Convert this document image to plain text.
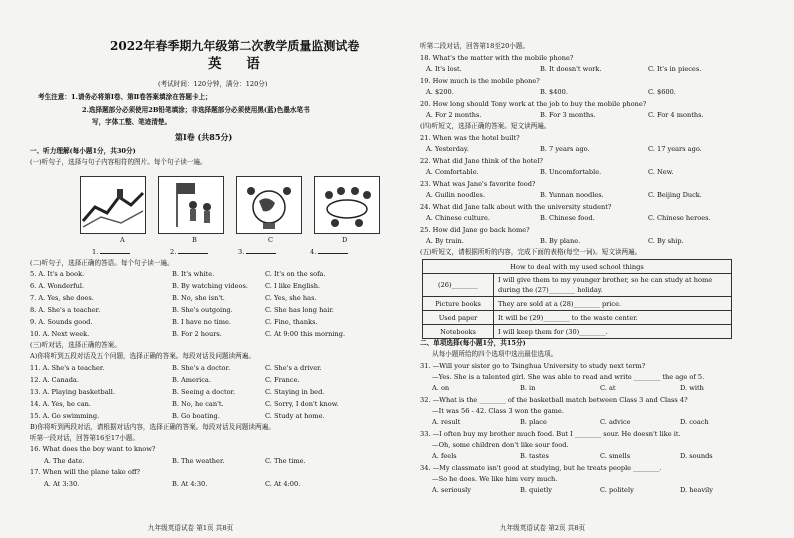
2022年春季期九年级第二次教学质量监测试卷
英 语
(考试时间：120分钟，满分：120分)
考生注意：1.请务必将第Ⅰ卷、第Ⅱ卷答案填涂在答题卡上；
2.选择题部分必须使用2B铅笔填涂；非选择题部分必须使用黑(蓝)色墨水笔书
写，字体工整、笔迹清楚。
第Ⅰ卷 (共85分)
一、听力理解(每小题1分，共30分)
(一)听句子，选择与句子内容相符的图片。每个句子读一遍。
A	B	C	D
1.	2.	3.	4.
(二)听句子，选择正确的答语。每个句子读一遍。
5. A. It's a book.	B. It's white.	C. It's on the sofa.
6. A. Wonderful.	B. By watching videos.	C. I like English.
7. A. Yes, she does.	B. No, she isn't.	C. Yes, she has.
8. A. She's a teacher.	B. She's outgoing.	C. She has long hair.
9. A. Sounds good.	B. I have no time.	C. Fine, thanks.
10. A. Next week.	B. For 2 hours.	C. At 9:00 this morning.
(三)听对话，选择正确的答案。
A)你将听到五段对话及五个问题，选择正确的答案。每段对话及问题读两遍。
11. A. She's a teacher.	B. She's a doctor.	C. She's a driver.
12. A. Canada.	B. America.	C. France.
13. A. Playing basketball.	B. Seeing a doctor.	C. Staying in bed.
14. A. Yes, he can.	B. No, he can't.	C. Sorry, I don't know.
15. A. Go swimming.	B. Go boating.	C. Study at home.
B)你将听到两段对话，请根据对话内容，选择正确的答案。每段对话及问题读两遍。
听第一段对话，回答第16至17小题。
16. What does the boy want to know?
A. The date.	B. The weather.	C. The time.
17. When will the plane take off?
A. At 3:30.	B. At 4:30.	C. At 4:00.
九年级英语试卷 第1页 共8页
听第二段对话，回答第18至20小题。
18. What's the matter with the mobile phone?
A. It's lost.	B. It doesn't work.	C. It's in pieces.
19. How much is the mobile phone?
A. $200.	B. $400.	C. $600.
20. How long should Tony work at the job to buy the mobile phone?
A. For 2 months.	B. For 3 months.	C. For 4 months.
(四)听短文，选择正确的答案。短文读两遍。
21. When was the hotel built?
A. Yesterday.	B. 7 years ago.	C. 17 years ago.
22. What did Jane think of the hotel?
A. Comfortable.	B. Uncomfortable.	C. New.
23. What was Jane's favorite food?
A. Guilin noodles.	B. Yunnan noodles.	C. Beijing Duck.
24. What did Jane talk about with the university student?
A. Chinese culture.	B. Chinese food.	C. Chinese heroes.
25. How did Jane go back home?
A. By train.	B. By plane.	C. By ship.
(五)听短文，请根据所听的内容，完成下面的表格(每空一词)。短文读两遍。
How to deal with my used school things	
(26)________	I will give them to my younger brother, so he can study at home during the (27)________ holiday.
Picture books	They are sold at a (28)________ price.
Used paper	It will be (29)________ to the waste center.
Notebooks	I will keep them for (30)________.
二、单项选择(每小题1分，共15分)
从每小题所给的四个选项中选出最佳选项。
31. —Will your sister go to Tsinghua University to study next term?
—Yes. She is a talented girl. She was able to read and write ________ the age of 5.
A. on	B. in	C. at	D. with
32. —What is the ________ of the basketball match between Class 3 and Class 4?
—It was 56 - 42. Class 3 won the game.
A. result	B. place	C. advice	D. coach
33. —I often buy my brother much food. But I ________ sour. He doesn't like it.
—Oh, some children don't like sour food.
A. feels	B. tastes	C. smells	D. sounds
34. —My classmate isn't good at studying, but he treats people ________.
—So he does. We like him very much.
A. seriously	B. quietly	C. politely	D. heavily
九年级英语试卷 第2页 共8页
